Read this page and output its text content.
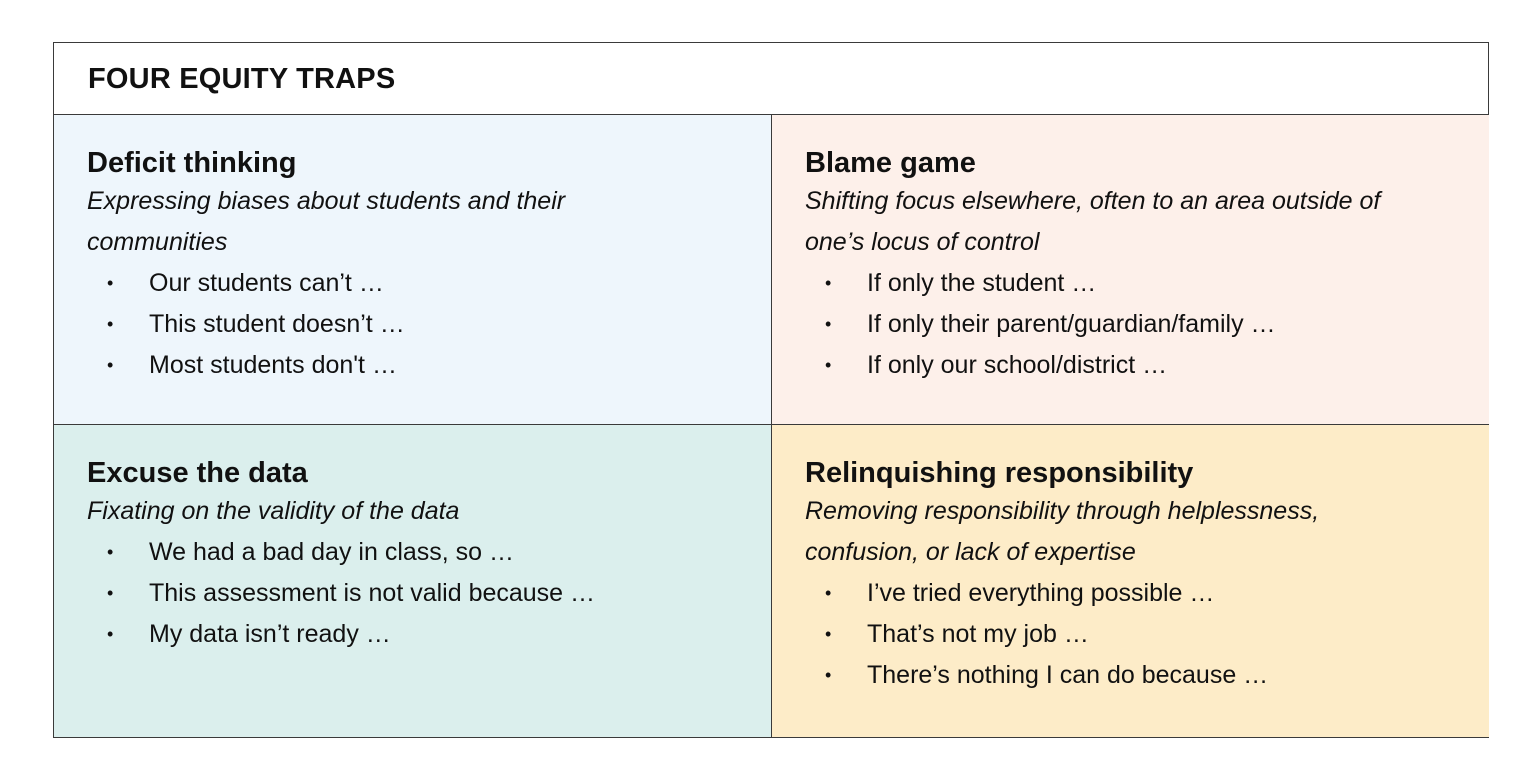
FOUR EQUITY TRAPS

Deficit thinking

Expressing biases about students and their communities

• Our students can’t …
• This student doesn’t …
• Most students don't …

Blame game

Shifting focus elsewhere, often to an area outside of one’s locus of control

• If only the student …
• If only their parent/guardian/family …
• If only our school/district …

Excuse the data

Fixating on the validity of the data

• We had a bad day in class, so …
• This assessment is not valid because …
• My data isn’t ready …

Relinquishing responsibility

Removing responsibility through helplessness, confusion, or lack of expertise

• I’ve tried everything possible …
• That’s not my job …
• There’s nothing I can do because …
